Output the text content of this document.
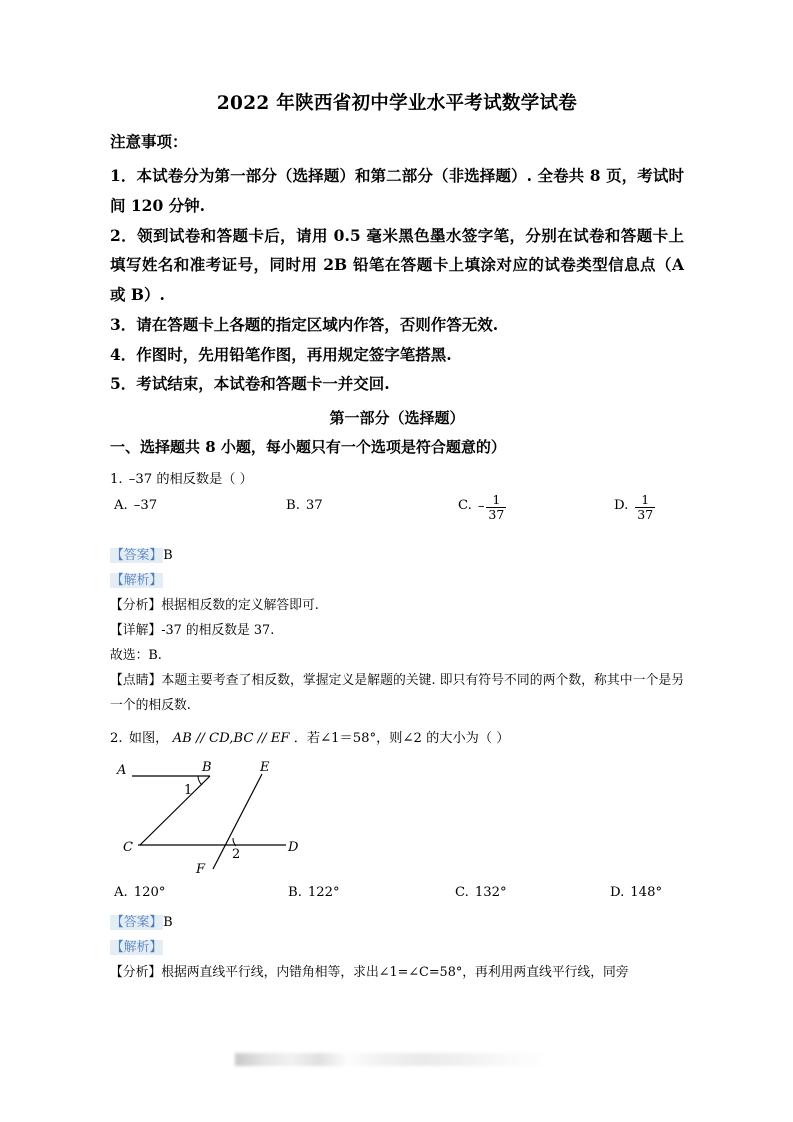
2022 年陕西省初中学业水平考试数学试卷

注意事项：

1．本试卷分为第一部分（选择题）和第二部分（非选择题）. 全卷共 8 页，考试时间 120 分钟.

2．领到试卷和答题卡后，请用 0.5 毫米黑色墨水签字笔，分别在试卷和答题卡上填写姓名和准考证号，同时用 2B 铅笔在答题卡上填涂对应的试卷类型信息点（A 或 B）.

3．请在答题卡上各题的指定区域内作答，否则作答无效.

4．作图时，先用铅笔作图，再用规定签字笔搭黑.

5．考试结束，本试卷和答题卡一并交回.

第一部分（选择题）

一、选择题共 8 小题，每小题只有一个选项是符合题意的）

1. –37 的相反数是（ ）

A. –37	B. 37	C. – $\frac{1}{37}$	D. $\frac{1}{37}$

【答案】B

【解析】

【分析】根据相反数的定义解答即可.

【详解】-37 的相反数是 37.

故选：B.

【点睛】本题主要考查了相反数，掌握定义是解题的关键. 即只有符号不同的两个数，称其中一个是另一个的相反数.

2. 如图， AB // CD,BC // EF ．若∠1＝58°，则∠2 的大小为（ ）

A	B	E
1
C	2	D
F
A. 120°	B. 122°	C. 132°	D. 148°

【答案】B

【解析】

【分析】根据两直线平行线，内错角相等，求出∠1=∠C=58°，再利用两直线平行线，同旁
